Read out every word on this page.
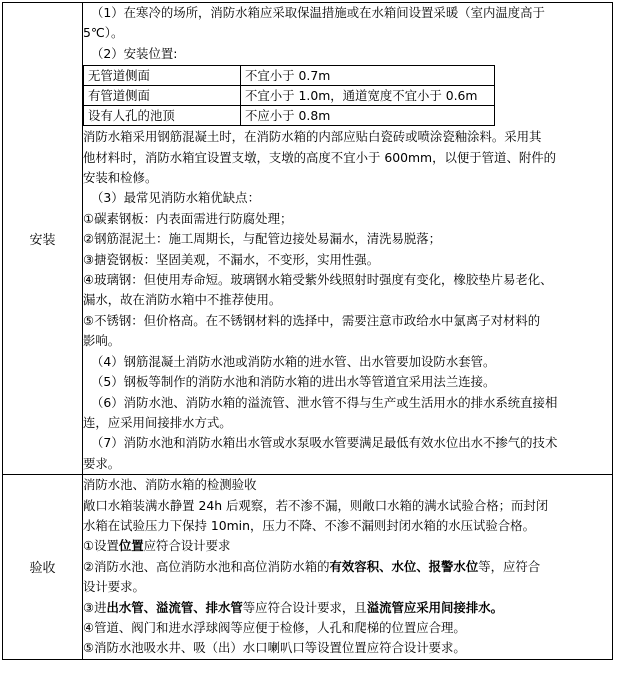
安装	
（1）在寒冷的场所，消防水箱应采取保温措施或在水箱间设置采暖（室内温度高于
5℃）。
（2）安装位置:
无管道侧面	不宜小于 0.7m
有管道侧面	不宜小于 1.0m，通道宽度不宜小于 0.6m
设有人孔的池顶	不应小于 0.8m
消防水箱采用钢筋混凝土时，在消防水箱的内部应贴白瓷砖或喷涂瓷釉涂料。采用其
他材料时，消防水箱宜设置支墩，支墩的高度不宜小于 600mm，以便于管道、附件的
安装和检修。
（3）最常见消防水箱优缺点：
①碳素钢板：内表面需进行防腐处理；
②钢筋混泥土：施工周期长，与配管边接处易漏水，清洗易脱落；
③搪瓷钢板：坚固美观，不漏水，不变形，实用性强。
④玻璃钢：但使用寿命短。玻璃钢水箱受紫外线照射时强度有变化，橡胶垫片易老化、
漏水，故在消防水箱中不推荐使用。
⑤不锈钢：但价格高。在不锈钢材料的选择中，需要注意市政给水中氯离子对材料的
影响。
（4）钢筋混凝土消防水池或消防水箱的进水管、出水管要加设防水套管。
（5）钢板等制作的消防水池和消防水箱的进出水等管道宜采用法兰连接。
（6）消防水池、消防水箱的溢流管、泄水管不得与生产或生活用水的排水系统直接相
连，应采用间接排水方式。
（7）消防水池和消防水箱出水管或水泵吸水管要满足最低有效水位出水不掺气的技术
要求。

验收	
消防水池、消防水箱的检测验收
敞口水箱装满水静置 24h 后观察，若不渗不漏，则敞口水箱的满水试验合格；而封闭
水箱在试验压力下保持 10min，压力不降、不渗不漏则封闭水箱的水压试验合格。
①设置位置应符合设计要求
②消防水池、高位消防水池和高位消防水箱的有效容积、水位、报警水位等，应符合
设计要求。
③进出水管、溢流管、排水管等应符合设计要求，且溢流管应采用间接排水。
④管道、阀门和进水浮球阀等应便于检修，人孔和爬梯的位置应合理。
⑤消防水池吸水井、吸（出）水口喇叭口等设置位置应符合设计要求。
